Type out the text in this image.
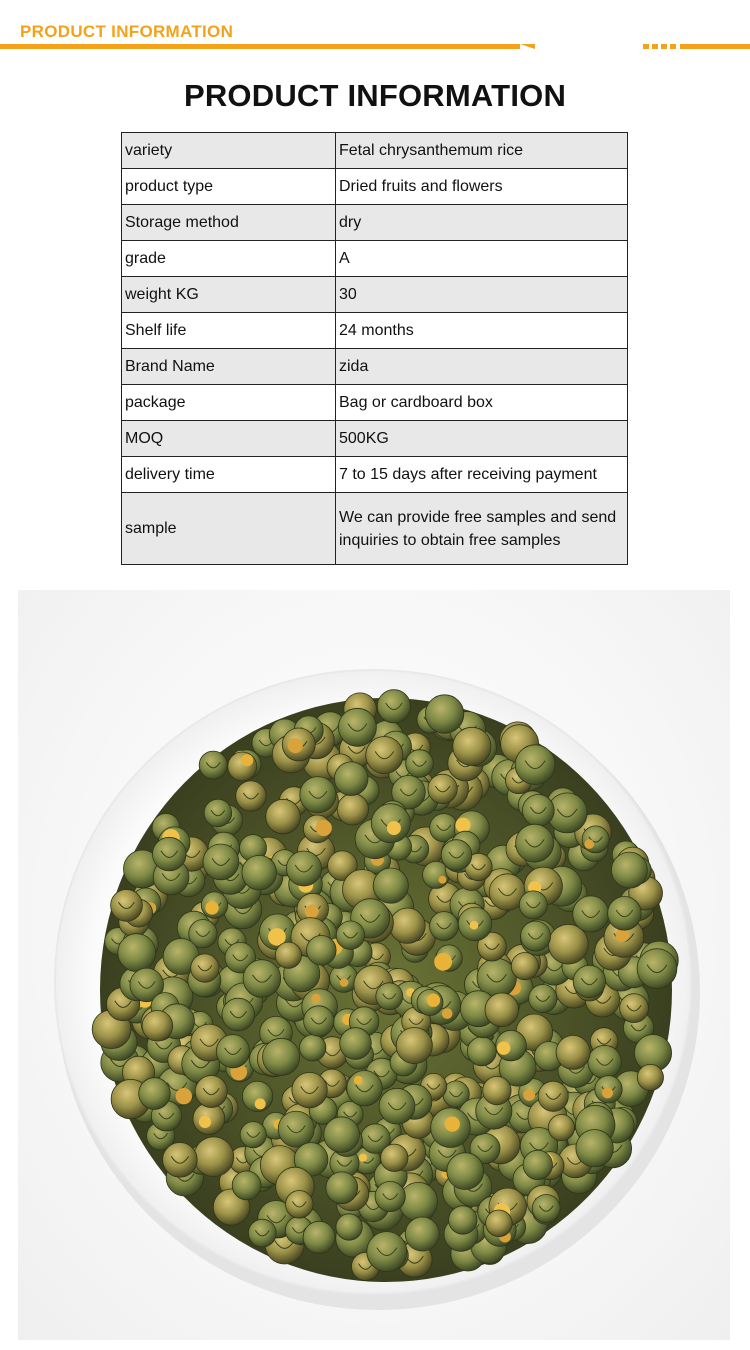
PRODUCT INFORMATION
PRODUCT INFORMATION
variety	Fetal chrysanthemum rice
product type	Dried fruits and flowers
Storage method	dry
grade	A
weight KG	30
Shelf life	24 months
Brand Name	zida
package	Bag or cardboard box
MOQ	500KG
delivery time	7 to 15 days after receiving payment
sample	We can provide free samples and send inquiries to obtain free samples
